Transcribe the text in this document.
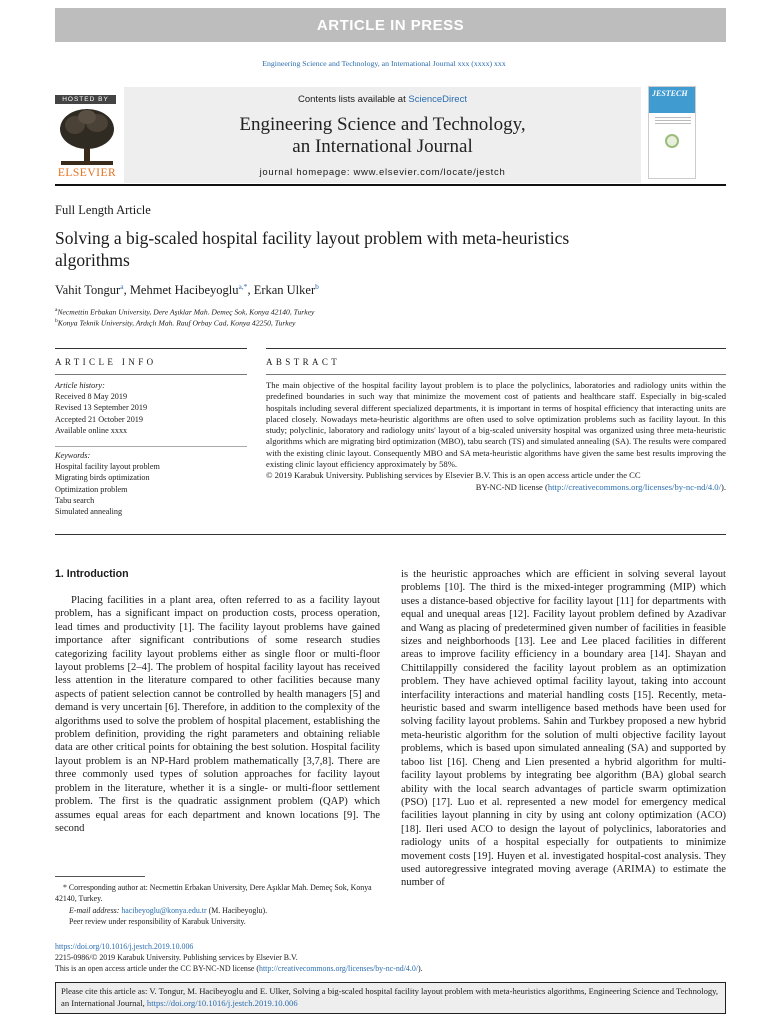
ARTICLE IN PRESS
Engineering Science and Technology, an International Journal xxx (xxxx) xxx
HOSTED BY
ELSEVIER
Contents lists available at ScienceDirect
Engineering Science and Technology,
an International Journal
journal homepage: www.elsevier.com/locate/jestch
JESTECH
Full Length Article
Solving a big-scaled hospital facility layout problem with meta-heuristics algorithms
Vahit Tongur$^a$, Mehmet Hacibeyoglu$^{a,*}$, Erkan Ulker$^b$
$^a$Necmettin Erbakan University, Dere Aşıklar Mah. Demeç Sok, Konya 42140, Turkey
$^b$Konya Teknik University, Ardıçlı Mah. Rauf Orbay Cad, Konya 42250, Turkey
ARTICLE INFO	ABSTRACT
Article history:
Received 8 May 2019
Revised 13 September 2019
Accepted 21 October 2019
Available online xxxx
Keywords:
Hospital facility layout problem
Migrating birds optimization
Optimization problem
Tabu search
Simulated annealing
The main objective of the hospital facility layout problem is to place the polyclinics, laboratories and radiology units within the predefined boundaries in such way that minimize the movement cost of patients and healthcare staff. Especially in big-scaled hospitals including several different specialized departments, it is important in terms of hospital efficiency that interacting units are placed closely. Nowadays meta-heuristic algorithms are often used to solve optimization problems such as facility layout. In this study; polyclinic, laboratory and radiology units' layout of a big-scaled university hospital was organized using three meta-heuristic algorithms which are migrating bird optimization (MBO), tabu search (TS) and simulated annealing (SA). The results were compared with the existing clinic layout. Consequently MBO and SA meta-heuristic algorithms have given the same best results improving the existing clinic layout efficiency approximately by 58%.
© 2019 Karabuk University. Publishing services by Elsevier B.V. This is an open access article under the CC
BY-NC-ND license (http://creativecommons.org/licenses/by-nc-nd/4.0/).
1. Introduction

Placing facilities in a plant area, often referred to as a facility layout problem, has a significant impact on production costs, process operation, lead times and productivity [1]. The facility layout problems have gained importance after significant contributions of some research studies categorizing facility layout problems either as single floor or multi-floor layout problems [2–4]. The problem of hospital facility layout has received less attention in the literature compared to other facilities because many aspects of patient selection cannot be controlled by health managers [5] and demand is very uncertain [6]. Therefore, in addition to the complexity of the algorithms used to solve the problem of hospital placement, establishing the problem definition, providing the right parameters and obtaining reliable data are other critical points for obtaining the best solution. Hospital facility layout problem is an NP-Hard problem mathematically [3,7,8]. There are three commonly used types of solution approaches for facility layout problem in the literature, whether it is a single- or multi-floor settlement problem. The first is the quadratic assignment problem (QAP) which assumes equal areas for each department and known locations [9]. The second

is the heuristic approaches which are efficient in solving several layout problems [10]. The third is the mixed-integer programming (MIP) which uses a distance-based objective for facility layout [11] for departments with equal and unequal areas [12]. Facility layout problem defined by Azadivar and Wang as placing of predetermined given number of facilities in feasible sizes and neighborhoods [13]. Lee and Lee placed facilities in different areas to improve facility efficiency in a boundary area [14]. Shayan and Chittilappilly considered the facility layout problem as an optimization problem. They have achieved optimal facility layout, taking into account interfacility interactions and material handling costs [15]. Recently, meta-heuristic based and swarm intelligence based methods have been used for solving facility layout problems. Sahin and Turkbey proposed a new hybrid meta-heuristic algorithm for the solution of multi objective facility layout problems, which is based upon simulated annealing (SA) and supported by taboo list [16]. Cheng and Lien presented a hybrid algorithm for multi-facility layout problems by integrating bee algorithm (BA) global search ability with the local search advantages of particle swarm optimization (PSO) [17]. Luo et al. represented a new model for emergency medical facilities layout planning in city by using ant colony optimization (ACO) [18]. Ileri used ACO to design the layout of polyclinics, laboratories and radiology units of a hospital especially for outpatients to minimize movement costs [19]. Huyen et al. investigated hospital-cost analysis. They used autoregressive integrated moving average (ARIMA) to estimate the number of

* Corresponding author at: Necmettin Erbakan University, Dere Aşıklar Mah. Demeç Sok, Konya 42140, Turkey.
E-mail address: hacibeyoglu@konya.edu.tr (M. Hacibeyoglu).
Peer review under responsibility of Karabuk University.
https://doi.org/10.1016/j.jestch.2019.10.006
2215-0986/© 2019 Karabuk University. Publishing services by Elsevier B.V.
This is an open access article under the CC BY-NC-ND license (http://creativecommons.org/licenses/by-nc-nd/4.0/).
Please cite this article as: V. Tongur, M. Hacibeyoglu and E. Ulker, Solving a big-scaled hospital facility layout problem with meta-heuristics algorithms, Engineering Science and Technology, an International Journal, https://doi.org/10.1016/j.jestch.2019.10.006
